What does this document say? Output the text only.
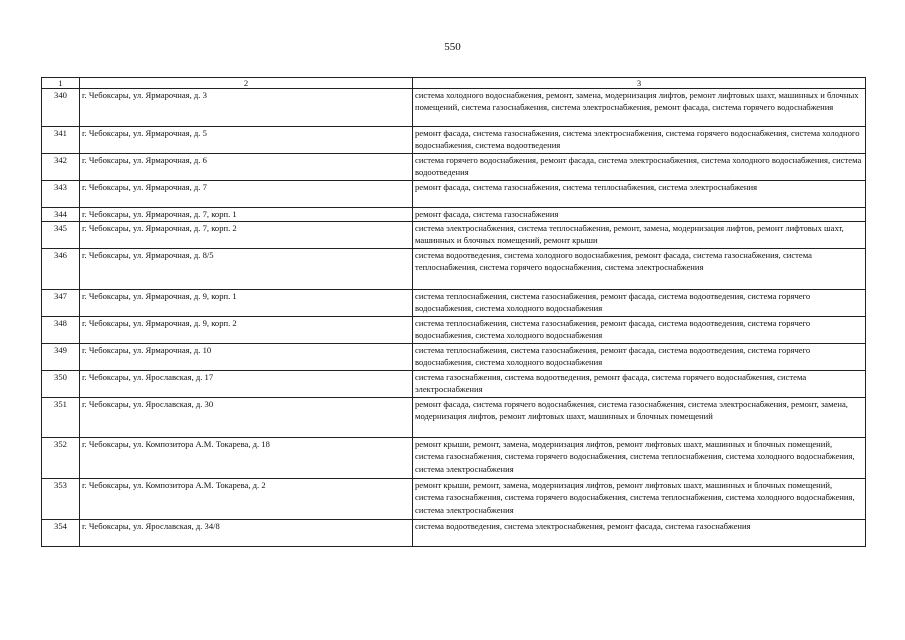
550
1	2	3
340	г. Чебоксары, ул. Ярмарочная, д. 3	система холодного водоснабжения, ремонт, замена, модернизация лифтов, ремонт лифтовых шахт, машинных и блочных помещений, система газоснабжения, система электроснабжения, ремонт фасада, система горячего водоснабжения
341	г. Чебоксары, ул. Ярмарочная, д. 5	ремонт фасада, система газоснабжения, система электроснабжения, система горячего водоснабжения, система холодного водоснабжения, система водоотведения
342	г. Чебоксары, ул. Ярмарочная, д. 6	система горячего водоснабжения, ремонт фасада, система электроснабжения, система холодного водоснабжения, система водоотведения
343	г. Чебоксары, ул. Ярмарочная, д. 7	ремонт фасада, система газоснабжения, система теплоснабжения, система электроснабжения
344	г. Чебоксары, ул. Ярмарочная, д. 7, корп. 1	ремонт фасада, система газоснабжения
345	г. Чебоксары, ул. Ярмарочная, д. 7, корп. 2	система электроснабжения, система теплоснабжения, ремонт, замена, модернизация лифтов, ремонт лифтовых шахт, машинных и блочных помещений, ремонт крыши
346	г. Чебоксары, ул. Ярмарочная, д. 8/5	система водоотведения, система холодного водоснабжения, ремонт фасада, система газоснабжения, система теплоснабжения, система горячего водоснабжения, система электроснабжения
347	г. Чебоксары, ул. Ярмарочная, д. 9, корп. 1	система теплоснабжения, система газоснабжения, ремонт фасада, система водоотведения, система горячего водоснабжения, система холодного водоснабжения
348	г. Чебоксары, ул. Ярмарочная, д. 9, корп. 2	система теплоснабжения, система газоснабжения, ремонт фасада, система водоотведения, система горячего водоснабжения, система холодного водоснабжения
349	г. Чебоксары, ул. Ярмарочная, д. 10	система теплоснабжения, система газоснабжения, ремонт фасада, система водоотведения, система горячего водоснабжения, система холодного водоснабжения
350	г. Чебоксары, ул. Ярославская, д. 17	система газоснабжения, система водоотведения, ремонт фасада, система горячего водоснабжения, система электроснабжения
351	г. Чебоксары, ул. Ярославская, д. 30	ремонт фасада, система горячего водоснабжения, система газоснабжения, система электроснабжения, ремонт, замена, модернизация лифтов, ремонт лифтовых шахт, машинных и блочных помещений
352	г. Чебоксары, ул. Композитора А.М. Токарева, д. 18	ремонт крыши, ремонт, замена, модернизация лифтов, ремонт лифтовых шахт, машинных и блочных помещений, система газоснабжения, система горячего водоснабжения, система теплоснабжения, система холодного водоснабжения, система электроснабжения
353	г. Чебоксары, ул. Композитора А.М. Токарева, д. 2	ремонт крыши, ремонт, замена, модернизация лифтов, ремонт лифтовых шахт, машинных и блочных помещений, система газоснабжения, система горячего водоснабжения, система теплоснабжения, система холодного водоснабжения, система электроснабжения
354	г. Чебоксары, ул. Ярославская, д. 34/8	система водоотведения, система электроснабжения, ремонт фасада, система газоснабжения
